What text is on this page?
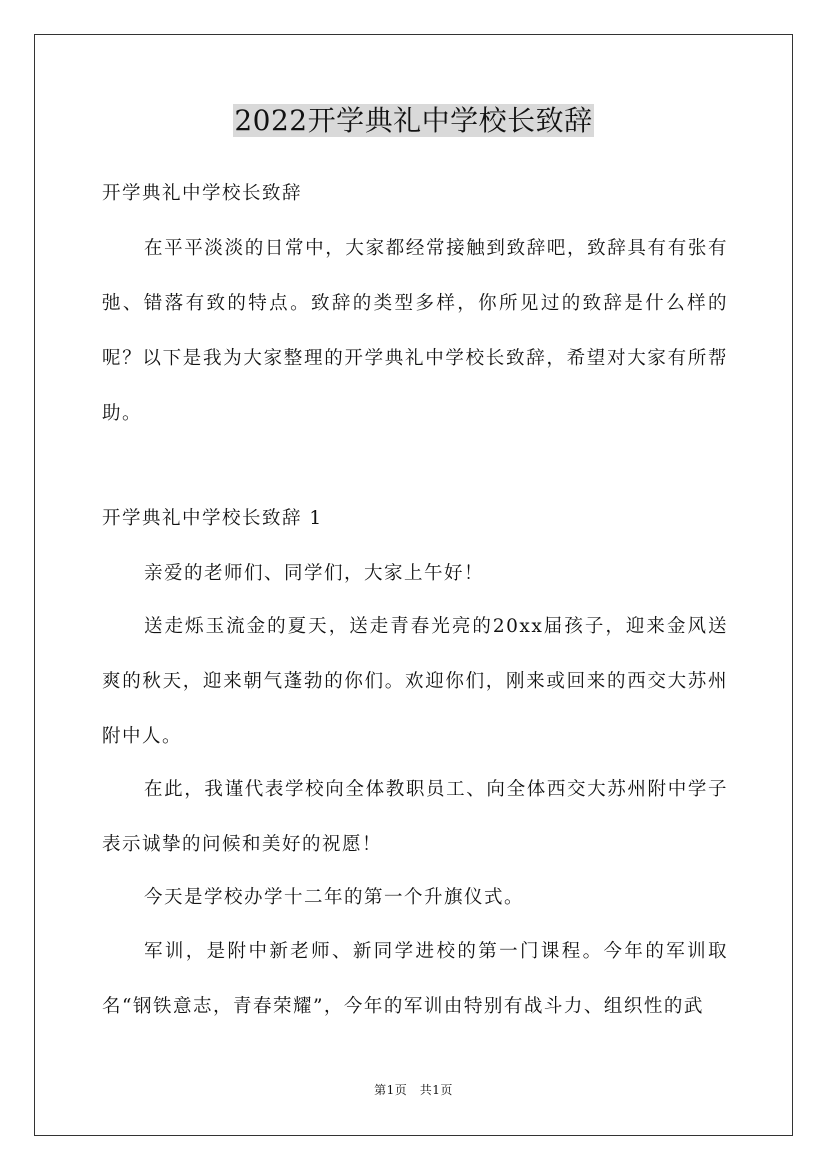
2022开学典礼中学校长致辞

开学典礼中学校长致辞

在平平淡淡的日常中，大家都经常接触到致辞吧，致辞具有有张有弛、错落有致的特点。致辞的类型多样，你所见过的致辞是什么样的呢？以下是我为大家整理的开学典礼中学校长致辞，希望对大家有所帮助。

开学典礼中学校长致辞 1

亲爱的老师们、同学们，大家上午好！

送走烁玉流金的夏天，送走青春光亮的20xx届孩子，迎来金风送爽的秋天，迎来朝气蓬勃的你们。欢迎你们，刚来或回来的西交大苏州附中人。

在此，我谨代表学校向全体教职员工、向全体西交大苏州附中学子表示诚挚的问候和美好的祝愿！

今天是学校办学十二年的第一个升旗仪式。

军训，是附中新老师、新同学进校的第一门课程。今年的军训取名“钢铁意志，青春荣耀”，今年的军训由特别有战斗力、组织性的武

第1页　共1页
